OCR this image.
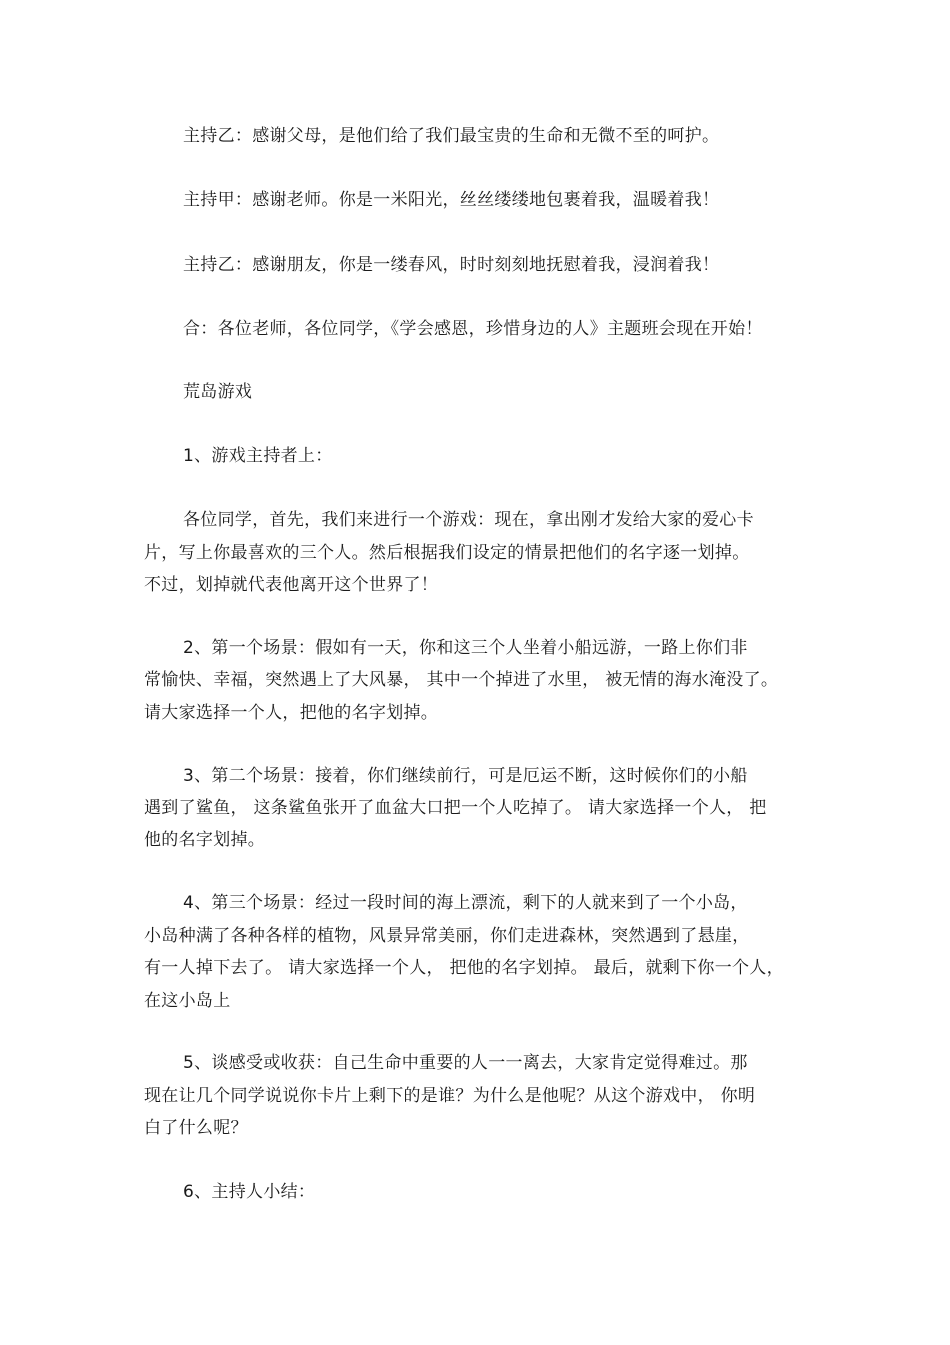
主持乙：感谢父母，是他们给了我们最宝贵的生命和无微不至的呵护。
主持甲：感谢老师。你是一米阳光，丝丝缕缕地包裹着我，温暖着我！
主持乙：感谢朋友，你是一缕春风，时时刻刻地抚慰着我，浸润着我！
合：各位老师，各位同学，《学会感恩，珍惜身边的人》主题班会现在开始！
荒岛游戏
1、游戏主持者上：
各位同学，首先，我们来进行一个游戏：现在，拿出刚才发给大家的爱心卡
片，写上你最喜欢的三个人。然后根据我们设定的情景把他们的名字逐一划掉。
不过，划掉就代表他离开这个世界了！
2、第一个场景：假如有一天，你和这三个人坐着小船远游，一路上你们非
常愉快、幸福，突然遇上了大风暴， 其中一个掉进了水里， 被无情的海水淹没了。
请大家选择一个人，把他的名字划掉。
3、第二个场景：接着，你们继续前行，可是厄运不断，这时候你们的小船
遇到了鲨鱼， 这条鲨鱼张开了血盆大口把一个人吃掉了。 请大家选择一个人， 把
他的名字划掉。
4、第三个场景：经过一段时间的海上漂流，剩下的人就来到了一个小岛，
小岛种满了各种各样的植物，风景异常美丽，你们走进森林，突然遇到了悬崖，
有一人掉下去了。 请大家选择一个人， 把他的名字划掉。 最后，就剩下你一个人，
在这小岛上
5、谈感受或收获：自己生命中重要的人一一离去，大家肯定觉得难过。那
现在让几个同学说说你卡片上剩下的是谁？为什么是他呢？从这个游戏中， 你明
白了什么呢？
6、主持人小结：
